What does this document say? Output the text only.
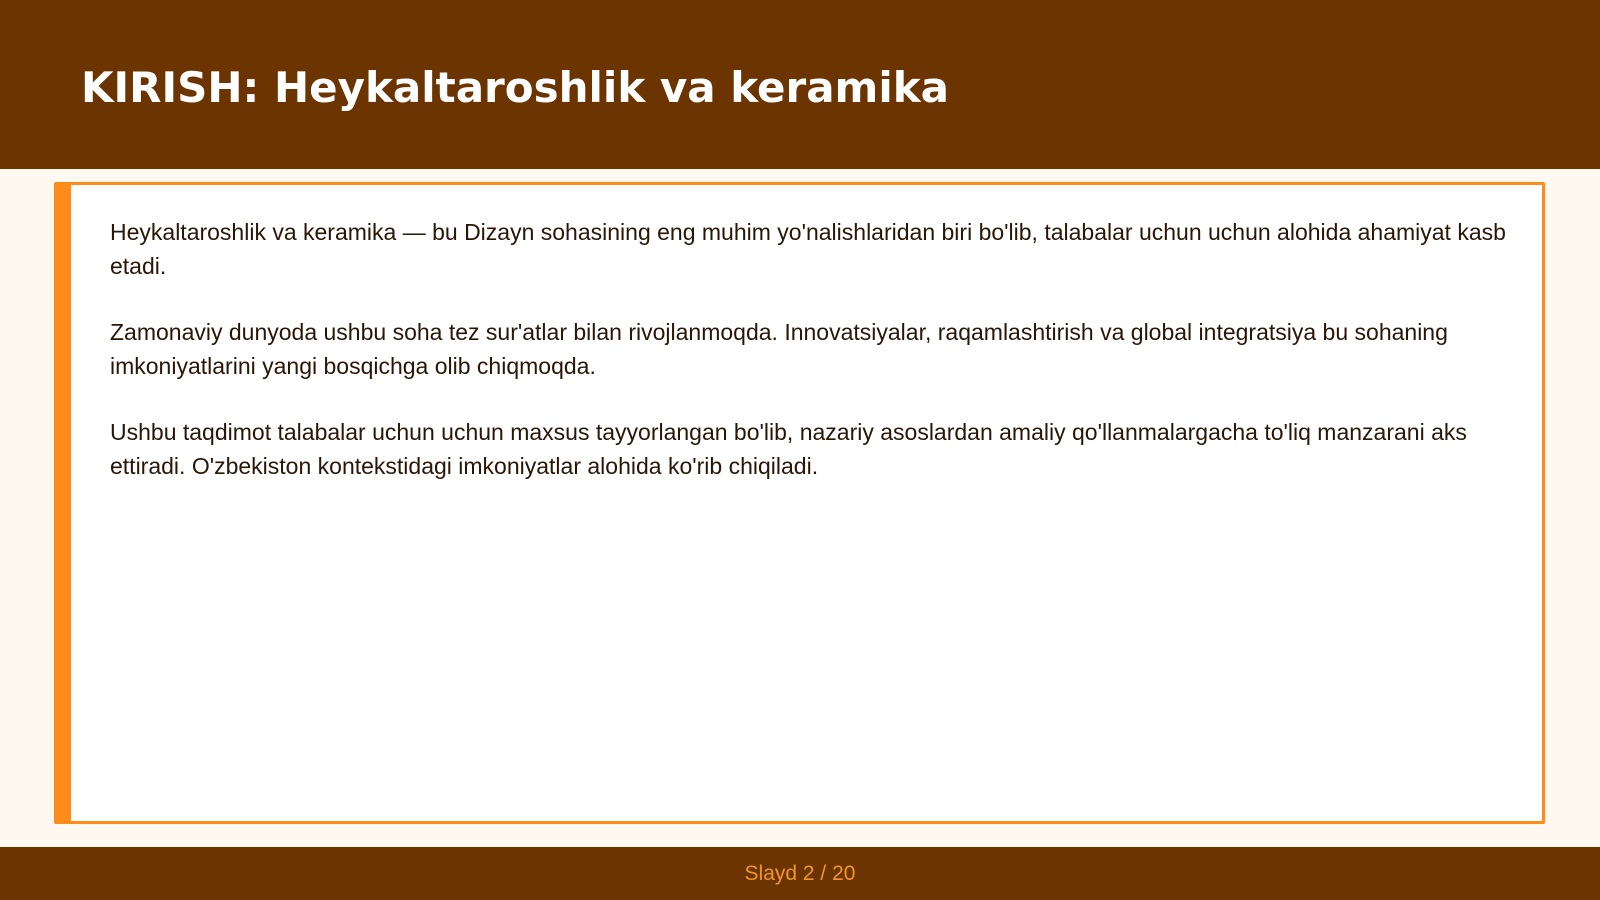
KIRISH: Heykaltaroshlik va keramika

Heykaltaroshlik va keramika — bu Dizayn sohasining eng muhim yo'nalishlaridan biri bo'lib, talabalar uchun uchun alohida ahamiyat kasb etadi.

Zamonaviy dunyoda ushbu soha tez sur'atlar bilan rivojlanmoqda. Innovatsiyalar, raqamlashtirish va global integratsiya bu sohaning imkoniyatlarini yangi bosqichga olib chiqmoqda.

Ushbu taqdimot talabalar uchun uchun maxsus tayyorlangan bo'lib, nazariy asoslardan amaliy qo'llanmalargacha to'liq manzarani aks ettiradi. O'zbekiston kontekstidagi imkoniyatlar alohida ko'rib chiqiladi.

Slayd 2 / 20
